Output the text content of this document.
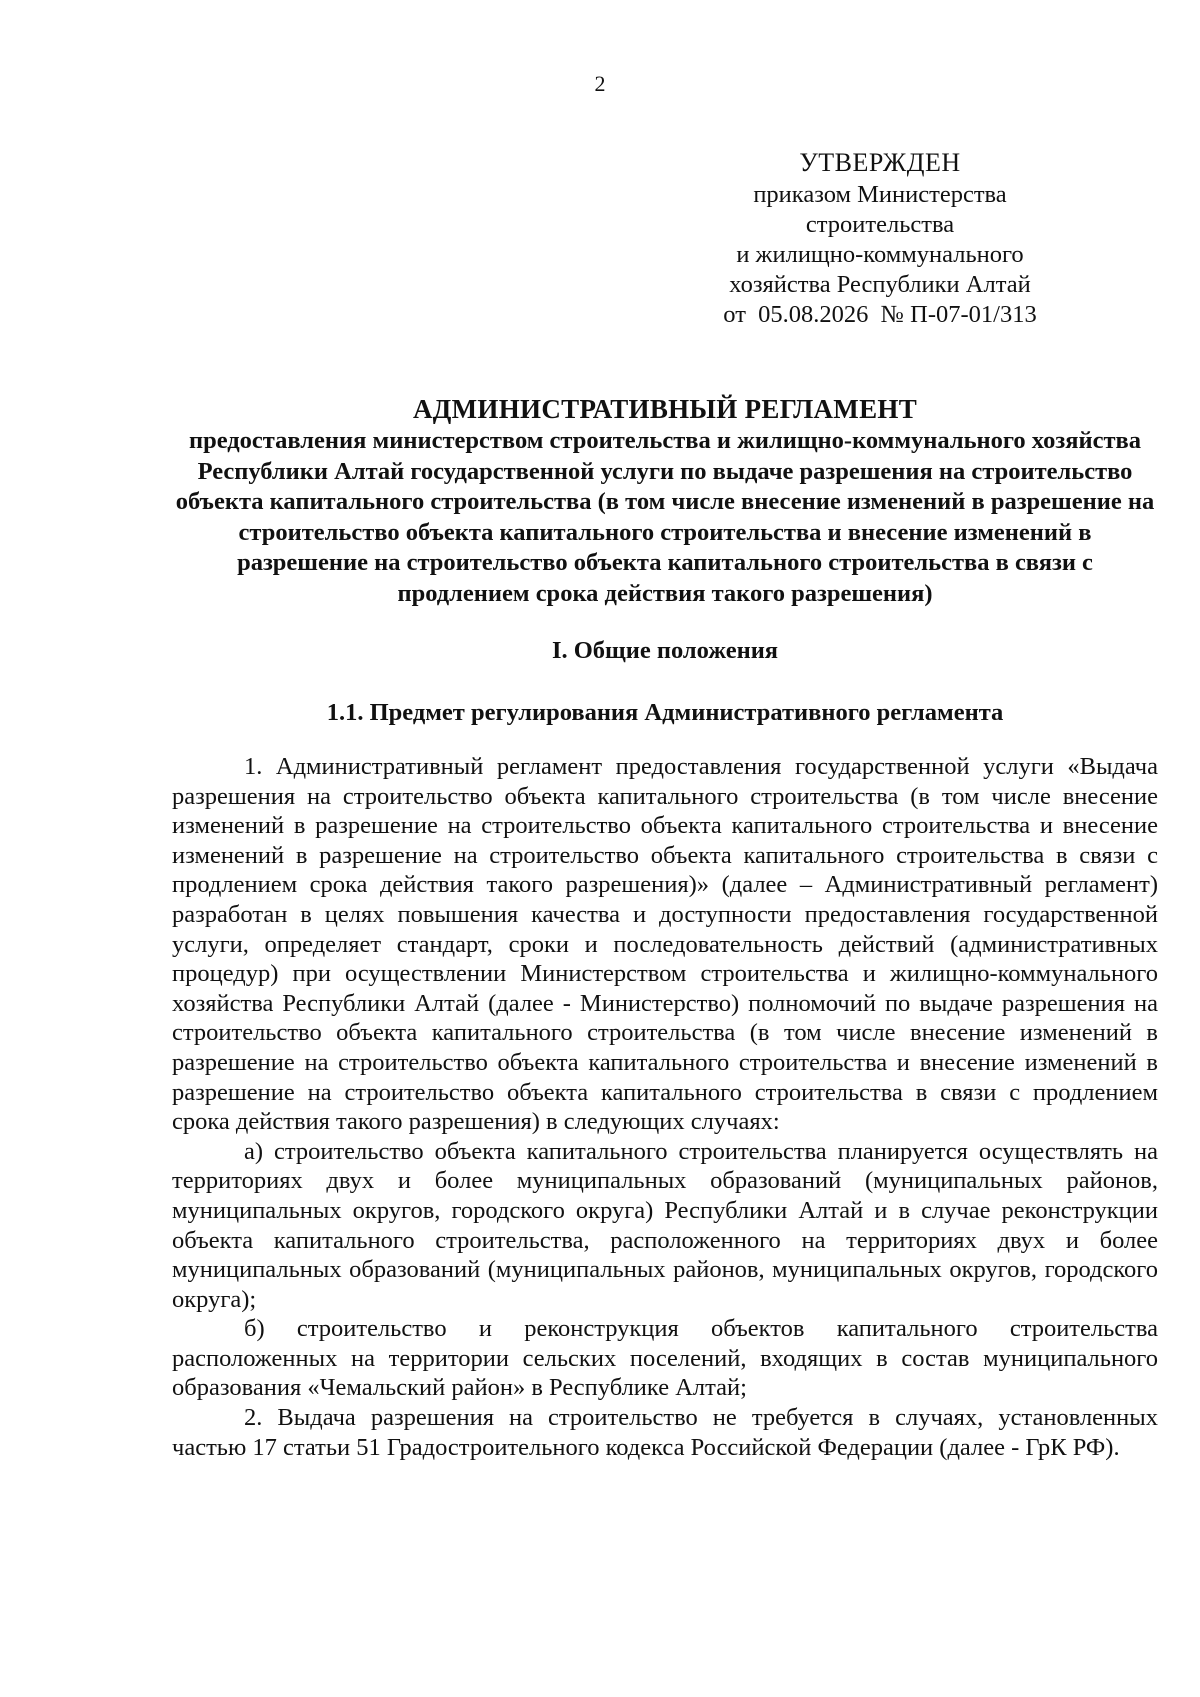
2
УТВЕРЖДЕН
приказом Министерства
строительства
и жилищно-коммунального
хозяйства Республики Алтай
от  05.08.2026  № П-07-01/313
АДМИНИСТРАТИВНЫЙ РЕГЛАМЕНТ
предоставления министерством строительства и жилищно-коммунального хозяйства Республики Алтай государственной услуги по выдаче разрешения на строительство объекта капитального строительства (в том числе внесение изменений в разрешение на строительство объекта капитального строительства и внесение изменений в разрешение на строительство объекта капитального строительства в связи с продлением срока действия такого разрешения)
I. Общие положения
1.1. Предмет регулирования Административного регламента

1. Административный регламент предоставления государственной услуги «Выдача разрешения на строительство объекта капитального строительства (в том числе внесение изменений в разрешение на строительство объекта капитального строительства и внесение изменений в разрешение на строительство объекта капитального строительства в связи с продлением срока действия такого разрешения)» (далее – Административный регламент) разработан в целях повышения качества и доступности предоставления государственной услуги, определяет стандарт, сроки и последовательность действий (административных процедур) при осуществлении Министерством строительства и жилищно-коммунального хозяйства Республики Алтай (далее - Министерство) полномочий по выдаче разрешения на строительство объекта капитального строительства (в том числе внесение изменений в разрешение на строительство объекта капитального строительства и внесение изменений в разрешение на строительство объекта капитального строительства в связи с продлением срока действия такого разрешения) в следующих случаях:

а) строительство объекта капитального строительства планируется осуществлять на территориях двух и более муниципальных образований (муниципальных районов, муниципальных округов, городского округа) Республики Алтай и в случае реконструкции объекта капитального строительства, расположенного на территориях двух и более муниципальных образований (муниципальных районов, муниципальных округов, городского округа);

б) строительство и реконструкция объектов капитального строительства расположенных на территории сельских поселений, входящих в состав муниципального образования «Чемальский район» в Республике Алтай;

2. Выдача разрешения на строительство не требуется в случаях, установленных частью 17 статьи 51 Градостроительного кодекса Российской Федерации (далее - ГрК РФ).
